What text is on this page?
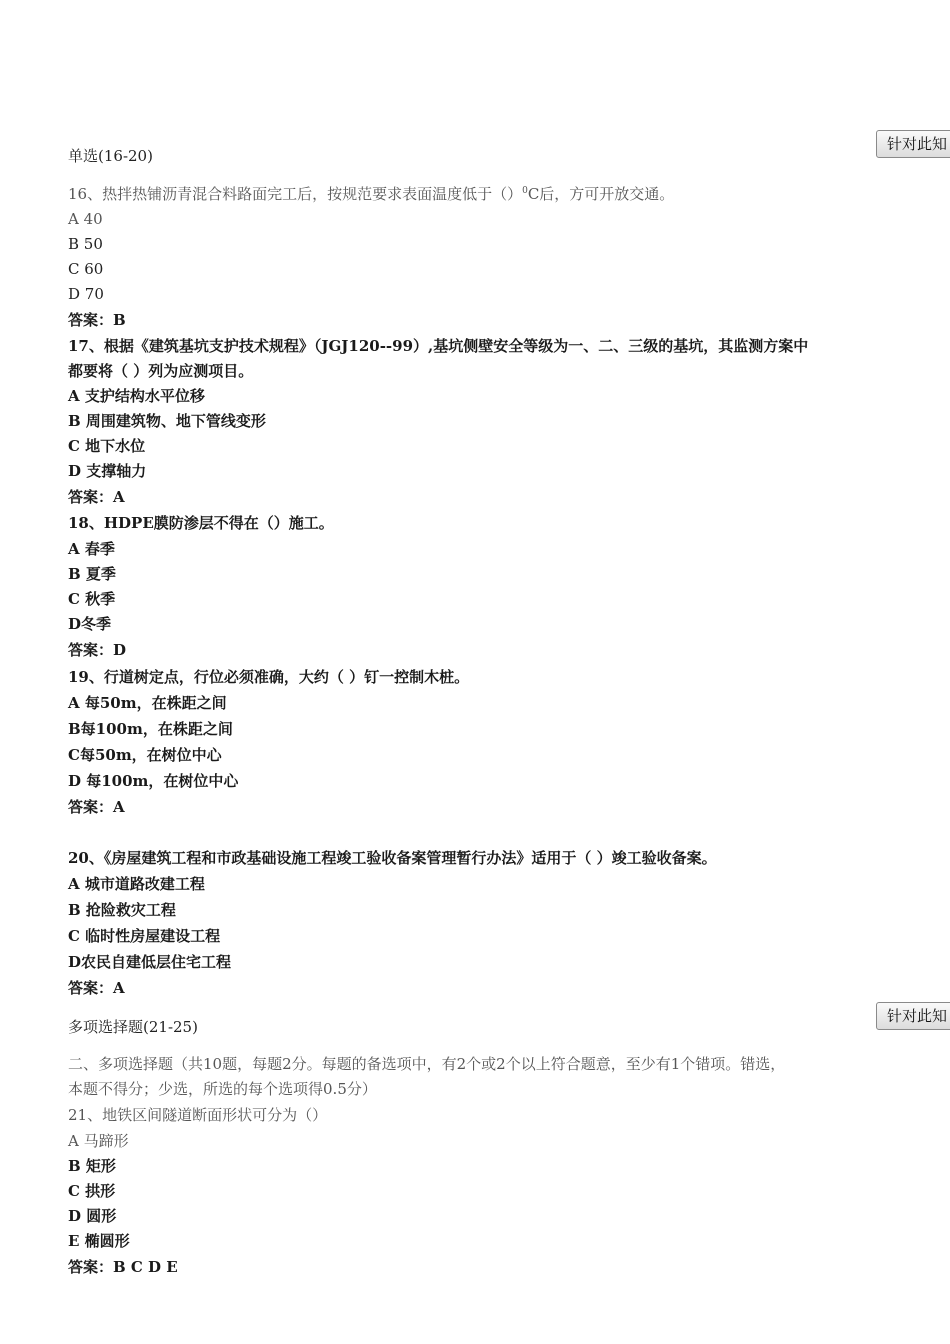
针对此知
单选(16-20)
16、热拌热铺沥青混合料路面完工后，按规范要求表面温度低于（）$^0$C后，方可开放交通。
A 40
B 50
C 60
D 70
答案：B
17、根据《建筑基坑支护技术规程》（JGJ120--99）,基坑侧壁安全等级为一、二、三级的基坑，其监测方案中
都要将（ ）列为应测项目。
A 支护结构水平位移
B 周围建筑物、地下管线变形
C 地下水位
D 支撑轴力
答案：A
18、HDPE膜防渗层不得在（）施工。
A 春季
B 夏季
C 秋季
D冬季
答案：D
19、行道树定点，行位必须准确，大约（ ）钉一控制木桩。
A 每50m，在株距之间
B每100m，在株距之间
C每50m，在树位中心
D 每100m，在树位中心
答案：A
20、《房屋建筑工程和市政基础设施工程竣工验收备案管理暂行办法》适用于（ ）竣工验收备案。
A 城市道路改建工程
B 抢险救灾工程
C 临时性房屋建设工程
D农民自建低层住宅工程
答案：A
针对此知
多项选择题(21-25)
二、多项选择题（共10题，每题2分。每题的备选项中，有2个或2个以上符合题意，至少有1个错项。错选，
本题不得分；少选，所选的每个选项得0.5分）
21、地铁区间隧道断面形状可分为（）
A 马蹄形
B 矩形
C 拱形
D 圆形
E 椭圆形
答案：B C D E
